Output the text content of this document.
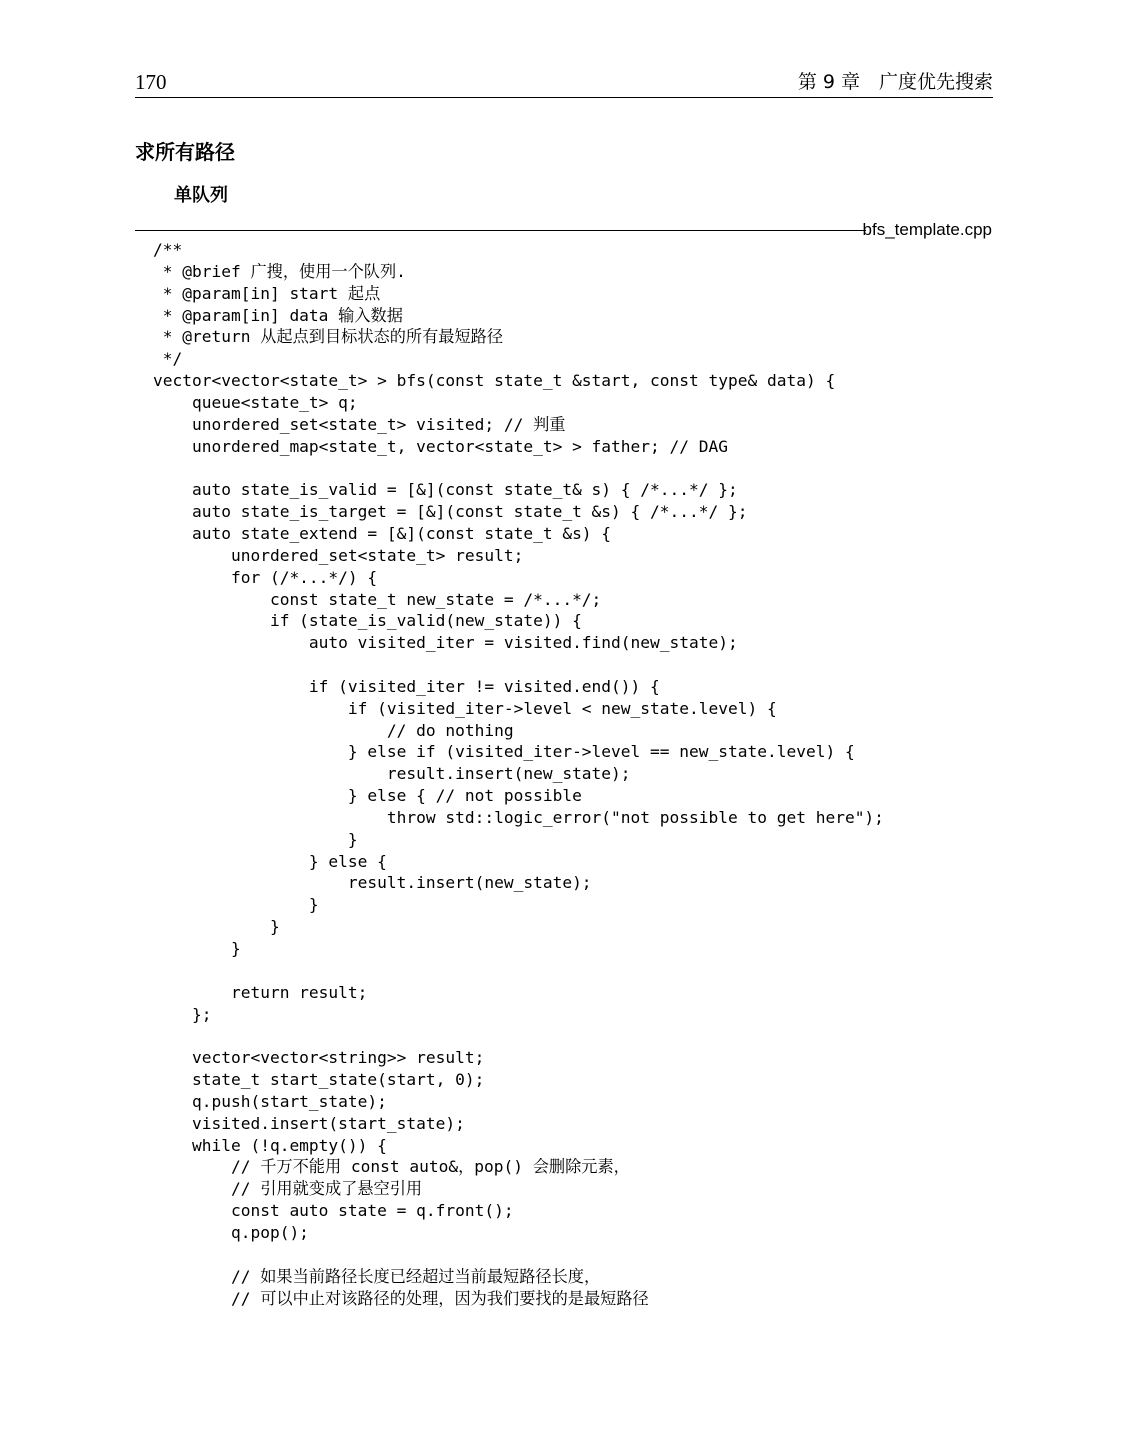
170	第 9 章　广度优先搜索
求所有路径
单队列
bfs_template.cpp
/**
* @brief 广搜，使用一个队列.
* @param[in] start 起点
* @param[in] data 输入数据
* @return 从起点到目标状态的所有最短路径
*/
vector<vector<state_t> > bfs(const state_t &start, const type& data) {
queue<state_t> q;
unordered_set<state_t> visited; // 判重
unordered_map<state_t, vector<state_t> > father; // DAG
auto state_is_valid = [&](const state_t& s) { /*...*/ };
auto state_is_target = [&](const state_t &s) { /*...*/ };
auto state_extend = [&](const state_t &s) {
unordered_set<state_t> result;
for (/*...*/) {
const state_t new_state = /*...*/;
if (state_is_valid(new_state)) {
auto visited_iter = visited.find(new_state);
if (visited_iter != visited.end()) {
if (visited_iter->level < new_state.level) {
// do nothing
} else if (visited_iter->level == new_state.level) {
result.insert(new_state);
} else { // not possible
throw std::logic_error("not possible to get here");
}
} else {
result.insert(new_state);
}
}
}
return result;
};
vector<vector<string>> result;
state_t start_state(start, 0);
q.push(start_state);
visited.insert(start_state);
while (!q.empty()) {
// 千万不能用 const auto&，pop() 会删除元素，
// 引用就变成了悬空引用
const auto state = q.front();
q.pop();
// 如果当前路径长度已经超过当前最短路径长度，
// 可以中止对该路径的处理，因为我们要找的是最短路径
